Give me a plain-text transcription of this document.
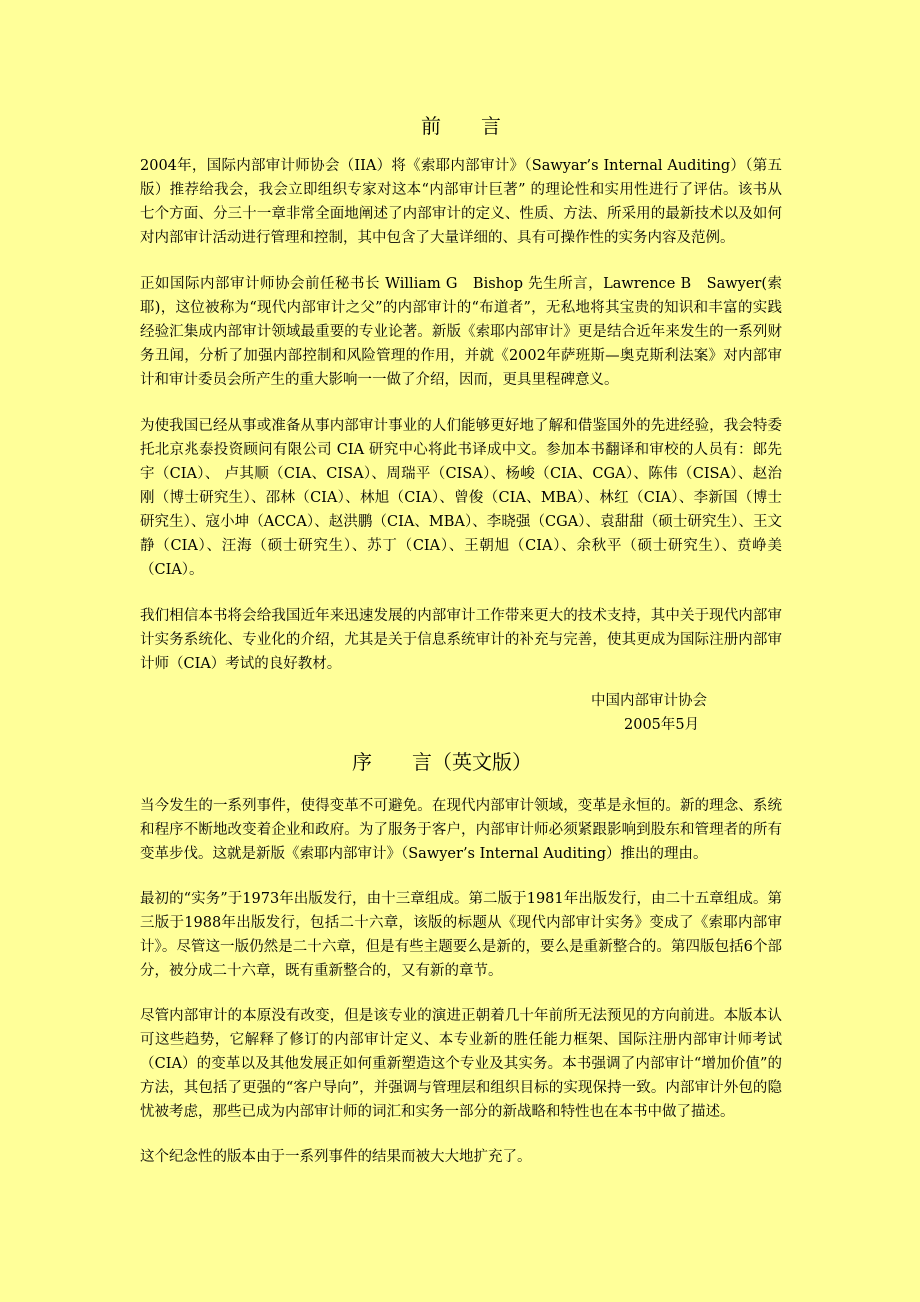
前　　言

2004年，国际内部审计师协会（IIA）将《索耶内部审计》（Sawyar’s Internal Auditing）（第五版）推荐给我会，我会立即组织专家对这本“内部审计巨著” 的理论性和实用性进行了评估。该书从七个方面、分三十一章非常全面地阐述了内部审计的定义、性质、方法、所采用的最新技术以及如何对内部审计活动进行管理和控制，其中包含了大量详细的、具有可操作性的实务内容及范例。

正如国际内部审计师协会前任秘书长 William G　Bishop 先生所言，Lawrence B　Sawyer(索耶)，这位被称为“现代内部审计之父”的内部审计的“布道者”，无私地将其宝贵的知识和丰富的实践经验汇集成内部审计领域最重要的专业论著。新版《索耶内部审计》更是结合近年来发生的一系列财务丑闻，分析了加强内部控制和风险管理的作用，并就《2002年萨班斯—奥克斯利法案》对内部审计和审计委员会所产生的重大影响一一做了介绍，因而，更具里程碑意义。

为使我国已经从事或准备从事内部审计事业的人们能够更好地了解和借鉴国外的先进经验，我会特委托北京兆泰投资顾问有限公司 CIA 研究中心将此书译成中文。参加本书翻译和审校的人员有：郎先宇（CIA）、 卢其顺（CIA、CISA）、周瑞平（CISA）、杨峻（CIA、CGA）、陈伟（CISA）、赵治刚（博士研究生）、邵林（CIA）、林旭（CIA）、曾俊（CIA、MBA）、林红（CIA）、李新国（博士研究生）、寇小坤（ACCA）、赵洪鹏（CIA、MBA）、李晓强（CGA）、袁甜甜（硕士研究生）、王文静（CIA）、汪海（硕士研究生）、苏丁（CIA）、王朝旭（CIA）、余秋平（硕士研究生）、贲峥美（CIA）。

我们相信本书将会给我国近年来迅速发展的内部审计工作带来更大的技术支持，其中关于现代内部审计实务系统化、专业化的介绍，尤其是关于信息系统审计的补充与完善，使其更成为国际注册内部审计师（CIA）考试的良好教材。

中国内部审计协会
2005年5月
序　　言（英文版）

当今发生的一系列事件，使得变革不可避免。在现代内部审计领域，变革是永恒的。新的理念、系统和程序不断地改变着企业和政府。为了服务于客户，内部审计师必须紧跟影响到股东和管理者的所有变革步伐。这就是新版《索耶内部审计》（Sawyer’s Internal Auditing）推出的理由。

最初的“实务”于1973年出版发行，由十三章组成。第二版于1981年出版发行，由二十五章组成。第三版于1988年出版发行，包括二十六章，该版的标题从《现代内部审计实务》变成了《索耶内部审计》。尽管这一版仍然是二十六章，但是有些主题要么是新的，要么是重新整合的。第四版包括6个部分，被分成二十六章，既有重新整合的，又有新的章节。

尽管内部审计的本原没有改变，但是该专业的演进正朝着几十年前所无法预见的方向前进。本版本认可这些趋势，它解释了修订的内部审计定义、本专业新的胜任能力框架、国际注册内部审计师考试（CIA）的变革以及其他发展正如何重新塑造这个专业及其实务。本书强调了内部审计“增加价值”的方法，其包括了更强的“客户导向”，并强调与管理层和组织目标的实现保持一致。内部审计外包的隐忧被考虑，那些已成为内部审计师的词汇和实务一部分的新战略和特性也在本书中做了描述。

这个纪念性的版本由于一系列事件的结果而被大大地扩充了。
